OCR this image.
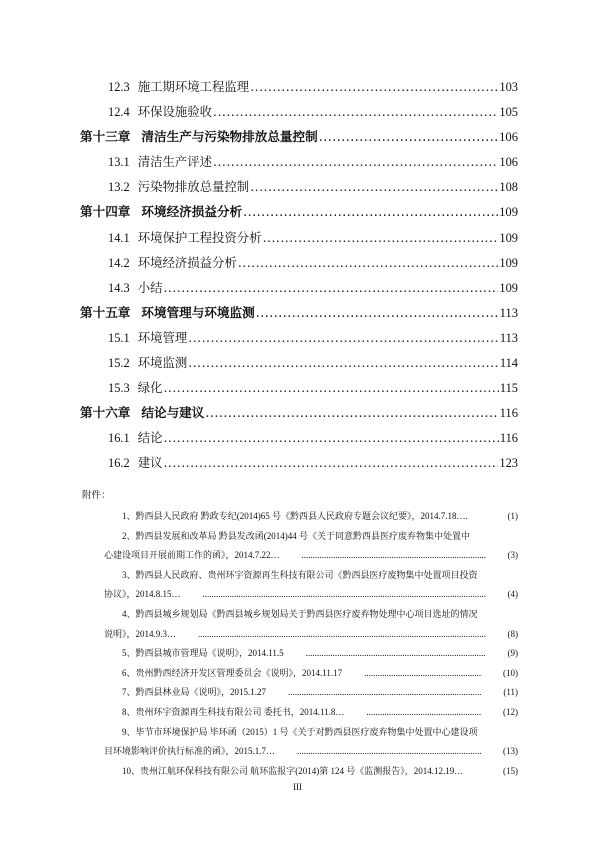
12.3 施工期环境工程监理 .....	103
12.4 环保设施验收 .....	105
第十三章 清洁生产与污染物排放总量控制 .....	106
13.1 清洁生产评述 .....	106
13.2 污染物排放总量控制 .....	108
第十四章 环境经济损益分析 .....	109
14.1 环境保护工程投资分析 .....	109
14.2 环境经济损益分析 .....	109
14.3 小结 .....	109
第十五章 环境管理与环境监测 .....	113
15.1 环境管理 .....	113
15.2 环境监测 .....	114
15.3 绿化 .....	115
第十六章 结论与建议 .....	116
16.1 结论 .....	116
16.2 建议 .....	123
附件：
1、黔西县人民政府 黔政专纪(2014)65 号《黔西县人民政府专题会议纪要》，2014.7.18…. .....	(1)
2、黔西县发展和改革局 黔县发改函(2014)44 号《关于同意黔西县医疗废弃物集中处置中
心建设项目开展前期工作的函》，2014.7.22… .....	(3)
3、黔西县人民政府、贵州环宇资源再生科技有限公司《黔西县医疗废物集中处置项目投资
协议》，2014.8.15… .....	(4)
4、黔西县城乡规划局《黔西县城乡规划局关于黔西县医疗废弃物处理中心项目选址的情况
说明》，2014.9.3… .....	(8)
5、黔西县城市管理局《说明》，2014.11.5 .....	(9)
6、贵州黔西经济开发区管理委员会《说明》，2014.11.17 .....	(10)
7、黔西县林业局《说明》，2015.1.27 .....	(11)
8、贵州环宇资源再生科技有限公司 委托书，2014.11.8… .....	(12)
9、毕节市环境保护局 毕环函（2015）1 号《关于对黔西县医疗废弃物集中处置中心建设项
目环境影响评价执行标准的函》，2015.1.7… .....	(13)
10、贵州江航环保科技有限公司 航环监报字(2014)第 124 号《监测报告》，2014.12.19… .....	(15)
III
